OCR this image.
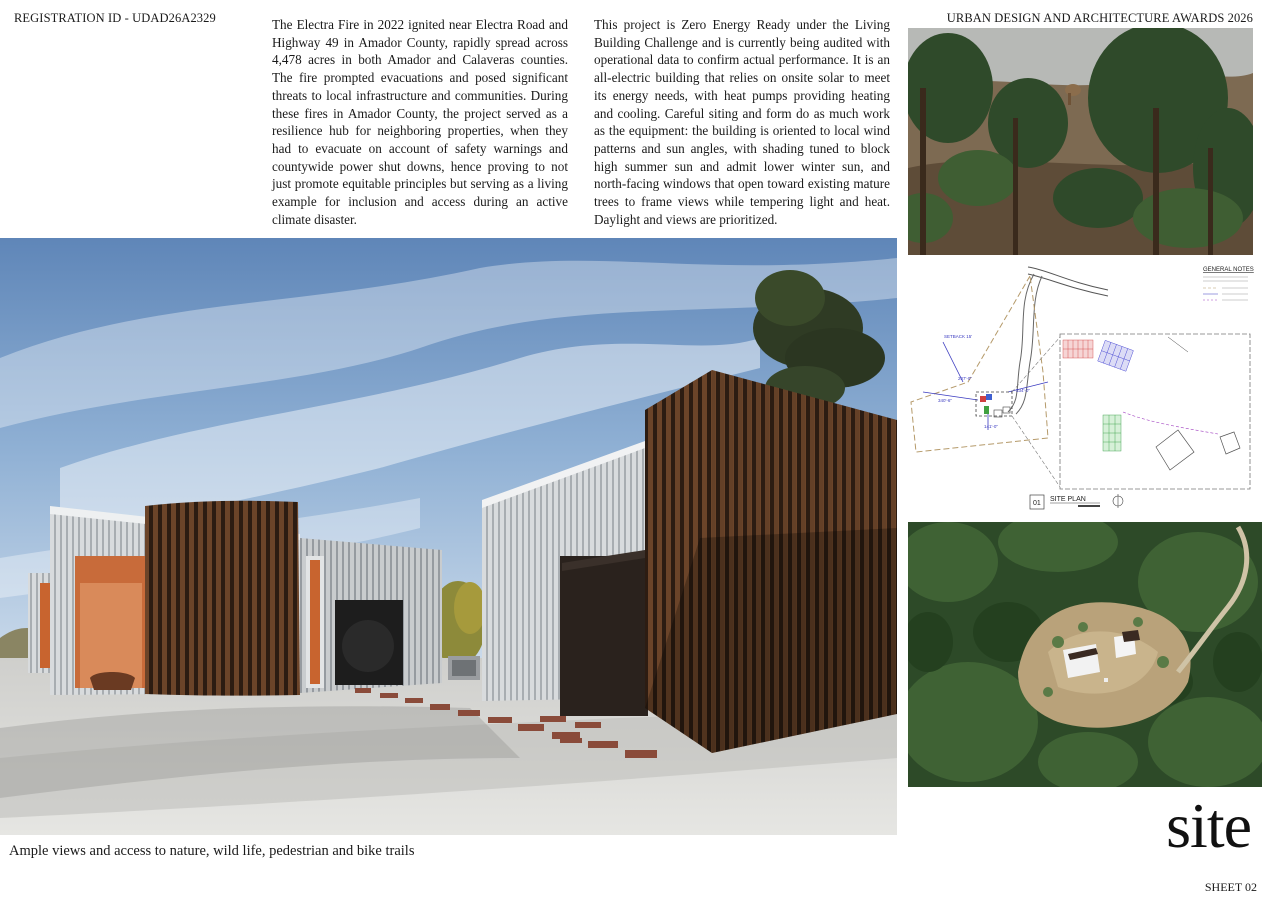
REGISTRATION ID - UDAD26A2329	URBAN DESIGN AND ARCHITECTURE AWARDS 2026

The Electra Fire in 2022 ignited near Electra Road and Highway 49 in Amador County, rapidly spread across 4,478 acres in both Amador and Calaveras counties. The fire prompted evacuations and posed significant threats to local infrastructure and communities. During these fires in Amador County, the project served as a resilience hub for neighboring properties, when they had to evacuate on account of safety warnings and countywide power shut downs, hence proving to not just promote equitable principles but serving as a living example for inclusion and access during an active climate disaster.

This project is Zero Energy Ready under the Living Building Challenge and is currently being audited with operational data to confirm actual performance. It is an all-electric building that relies on onsite solar to meet its energy needs, with heat pumps providing heating and cooling. Careful siting and form do as much work as the equipment: the building is oriented to local wind patterns and sun angles, with shading tuned to block high summer sun and admit lower winter sun, and north-facing windows that open toward existing mature trees to frame views while tempering light and heat. Daylight and views are prioritized.

SETBACK 15'
207'-0"
340'-6"
334'-0"
141'-0"
GENERAL NOTES
01
SITE PLAN
Ample views and access to nature, wild life, pedestrian and bike trails	site
SHEET 02
